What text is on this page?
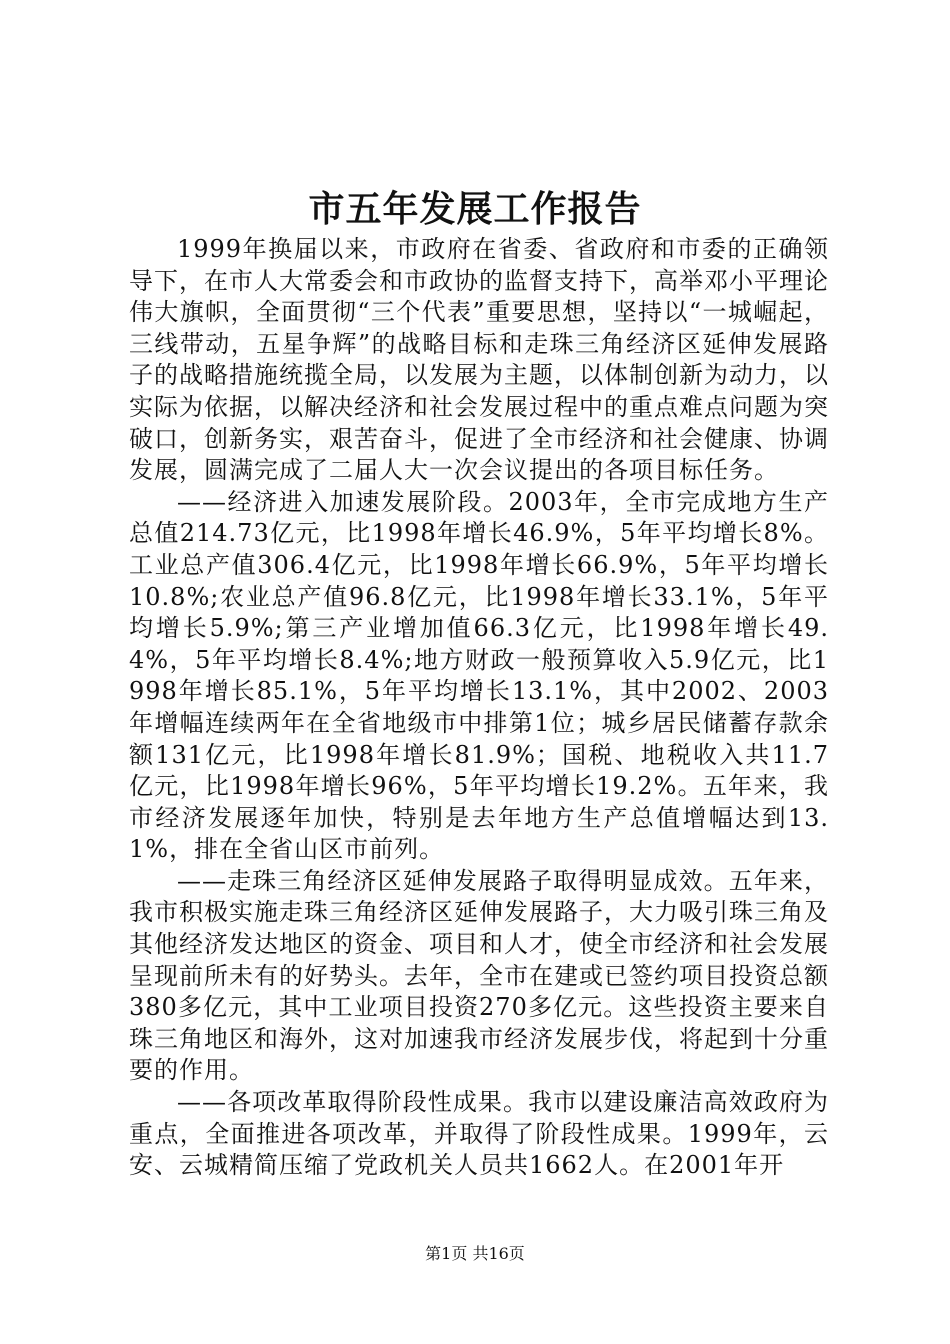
市五年发展工作报告

1999年换届以来，市政府在省委、省政府和市委的正确领导下，在市人大常委会和市政协的监督支持下，高举邓小平理论伟大旗帜，全面贯彻“三个代表”重要思想，坚持以“一城崛起，三线带动，五星争辉”的战略目标和走珠三角经济区延伸发展路子的战略措施统揽全局，以发展为主题，以体制创新为动力，以实际为依据，以解决经济和社会发展过程中的重点难点问题为突破口，创新务实，艰苦奋斗，促进了全市经济和社会健康、协调发展，圆满完成了二届人大一次会议提出的各项目标任务。

——经济进入加速发展阶段。2003年，全市完成地方生产总值214.73亿元，比1998年增长46.9%，5年平均增长8%。工业总产值306.4亿元，比1998年增长66.9%，5年平均增长10.8%;农业总产值96.8亿元，比1998年增长33.1%，5年平均增长5.9%;第三产业增加值66.3亿元，比1998年增长49.4%，5年平均增长8.4%;地方财政一般预算收入5.9亿元，比1998年增长85.1%，5年平均增长13.1%，其中2002、2003年增幅连续两年在全省地级市中排第1位；城乡居民储蓄存款余额131亿元，比1998年增长81.9%；国税、地税收入共11.7亿元，比1998年增长96%，5年平均增长19.2%。五年来，我市经济发展逐年加快，特别是去年地方生产总值增幅达到13.1%，排在全省山区市前列。

——走珠三角经济区延伸发展路子取得明显成效。五年来，我市积极实施走珠三角经济区延伸发展路子，大力吸引珠三角及其他经济发达地区的资金、项目和人才，使全市经济和社会发展呈现前所未有的好势头。去年，全市在建或已签约项目投资总额380多亿元，其中工业项目投资270多亿元。这些投资主要来自珠三角地区和海外，这对加速我市经济发展步伐，将起到十分重要的作用。

——各项改革取得阶段性成果。我市以建设廉洁高效政府为重点，全面推进各项改革，并取得了阶段性成果。1999年，云安、云城精简压缩了党政机关人员共1662人。在2001年开

第1页 共16页
